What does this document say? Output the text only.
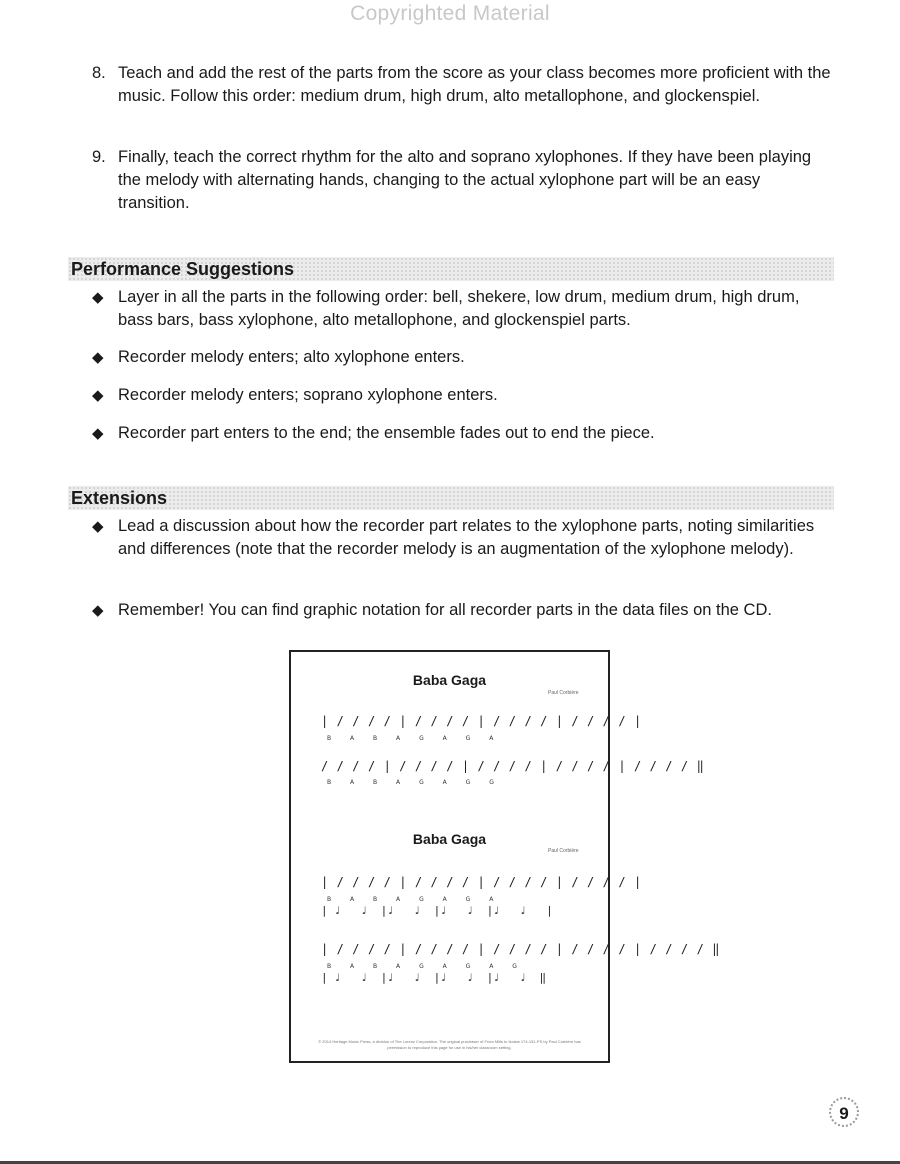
Copyrighted Material
8. Teach and add the rest of the parts from the score as your class becomes more proficient with the music. Follow this order: medium drum, high drum, alto metallophone, and glockenspiel.
9. Finally, teach the correct rhythm for the alto and soprano xylophones. If they have been playing the melody with alternating hands, changing to the actual xylophone part will be an easy transition.
Performance Suggestions
◆ Layer in all the parts in the following order: bell, shekere, low drum, medium drum, high drum, bass bars, bass xylophone, alto metallophone, and glockenspiel parts.
◆ Recorder melody enters; alto xylophone enters.
◆ Recorder melody enters; soprano xylophone enters.
◆ Recorder part enters to the end; the ensemble fades out to end the piece.
Extensions
◆ Lead a discussion about how the recorder part relates to the xylophone parts, noting similarities and differences (note that the recorder melody is an augmentation of the xylophone melody).
◆ Remember! You can find graphic notation for all recorder parts in the data files on the CD.
Baba Gaga
Paul Corbière
| / / / / | / / / / | / / / / | / / / / |
B A B A G A G A
/ / / / | / / / / | / / / / | / / / / | / / / / ‖
B A B A G A G G
Baba Gaga
Paul Corbière
| / / / / | / / / / | / / / / | / / / / |
B A B A G A G A
| ♩   ♩  |♩   ♩  |♩   ♩  |♩   ♩   |
| / / / / | / / / / | / / / / | / / / / | / / / / ‖
B A B A G A G A G
| ♩   ♩  |♩   ♩  |♩   ♩  |♩   ♩  ‖
© 2014 Heritage Music Press, a division of The Lorenz Corporation. The original purchaser of From Mills to Ikolwe 174-151-PS by Paul Corbière has permission to reproduce this page for use in his/her classroom setting.
9
